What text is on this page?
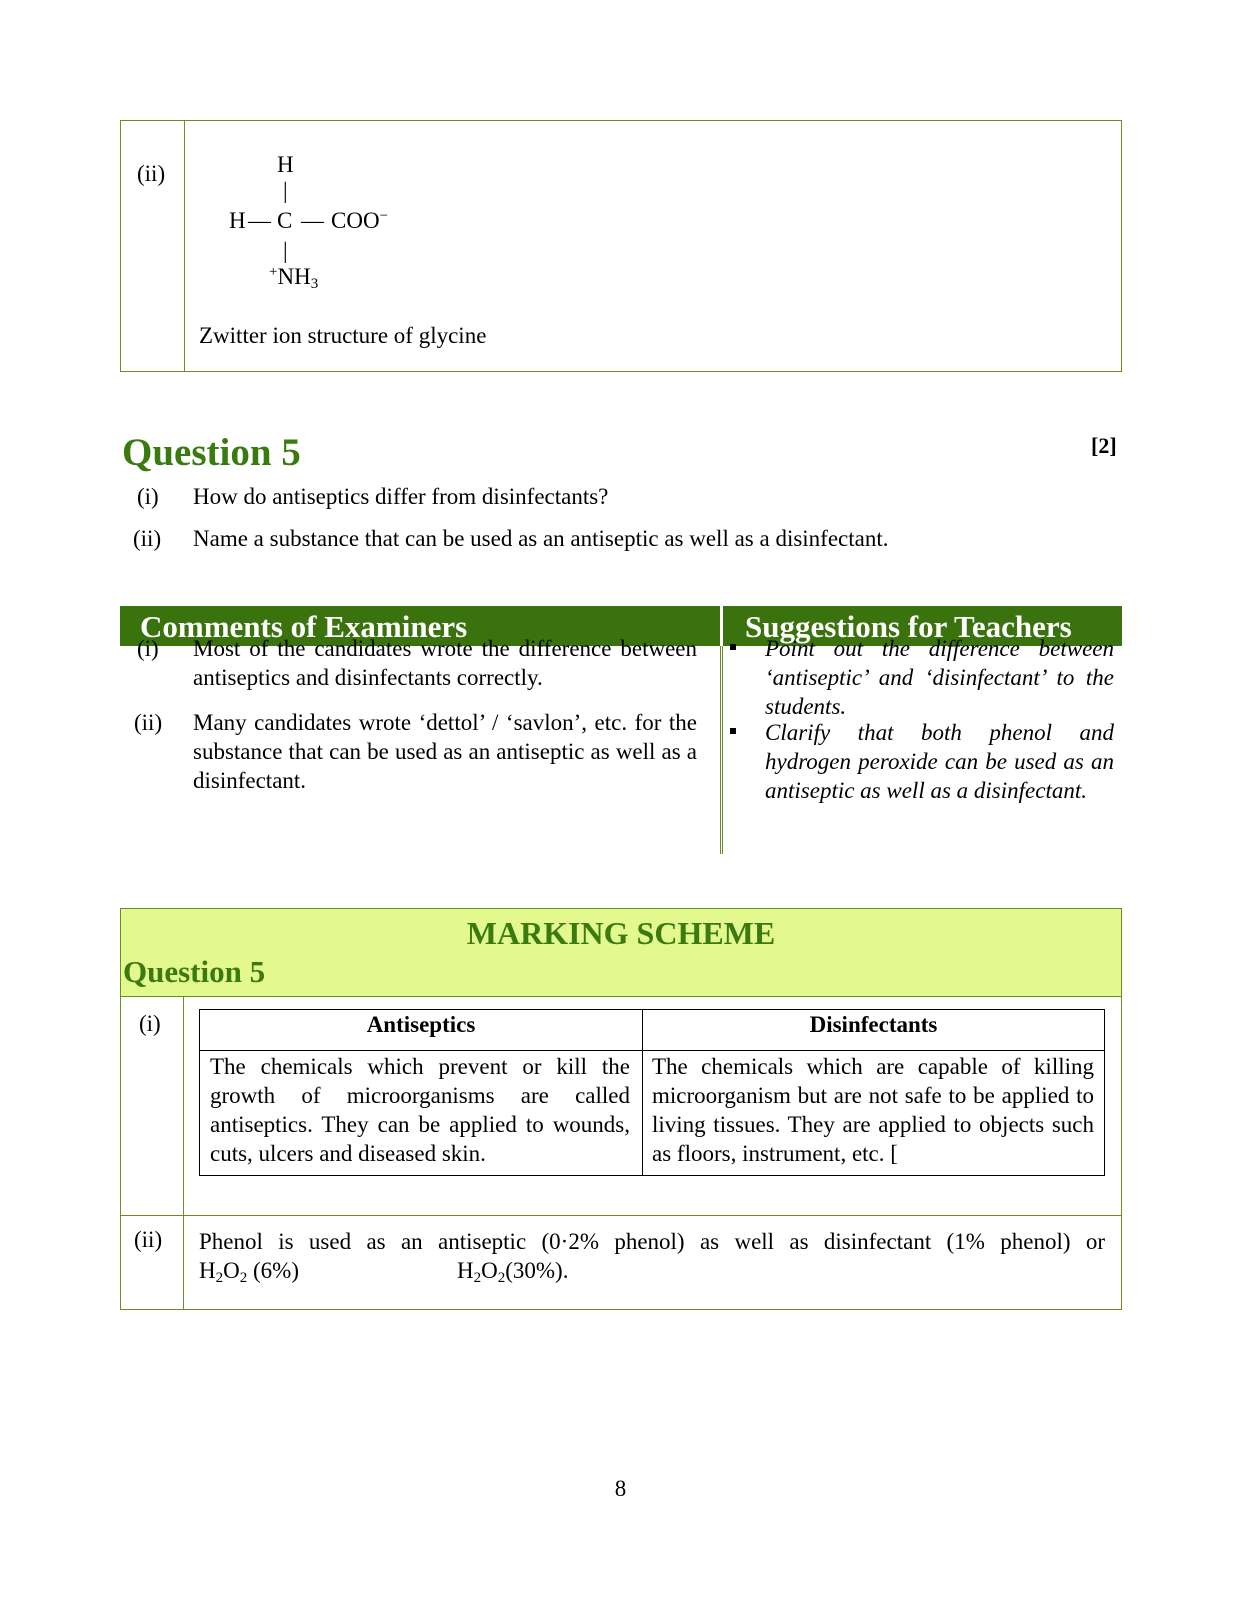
(ii)	H
|
H — C — COO−
|
$^+NH_3$
Zwitter ion structure of glycine
Question 5	[2]
(i) How do antiseptics differ from disinfectants?
(ii) Name a substance that can be used as an antiseptic as well as a disinfectant.
Comments of Examiners	Suggestions for Teachers
(i) Most of the candidates wrote the difference between antiseptics and disinfectants correctly.
(ii) Many candidates wrote ‘dettol’ / ‘savlon’, etc. for the substance that can be used as an antiseptic as well as a disinfectant.
Point out the difference between ‘antiseptic’ and ‘disinfectant’ to the students.
Clarify that both phenol and hydrogen peroxide can be used as an antiseptic as well as a disinfectant.
MARKING SCHEME
Question 5
(i)	Antiseptics	Disinfectants
The chemicals which prevent or kill the growth of microorganisms are called antiseptics. They can be applied to wounds, cuts, ulcers and diseased skin.
The chemicals which are capable of killing microorganism but are not safe to be applied to living tissues. They are applied to objects such as floors, instrument, etc. [
(ii) Phenol is used as an antiseptic (0·2% phenol) as well as disinfectant (1% phenol) or
$H_2O_2$ (6%)	$H_2O_2(30\%)$.
8
